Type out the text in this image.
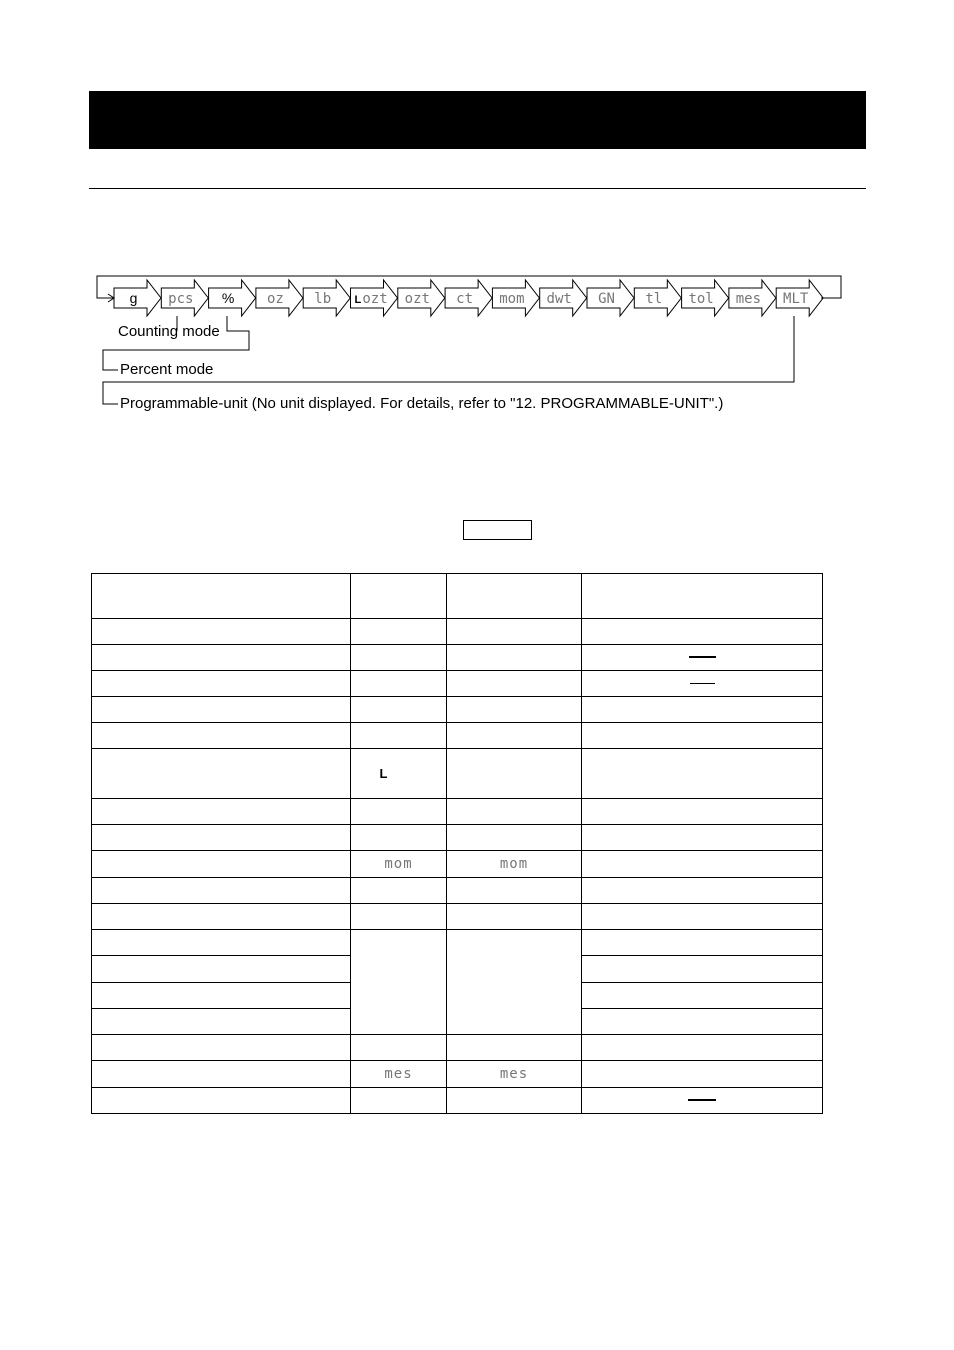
g pcs % oz lb L ozt ozt ct mom dwt GN tl tol mes MLT
Counting mode
Percent mode
Programmable-unit (No unit displayed. For details, refer to "12. PROGRAMMABLE-UNIT".)

	L		

	mom	mom	

	mes	mes	
